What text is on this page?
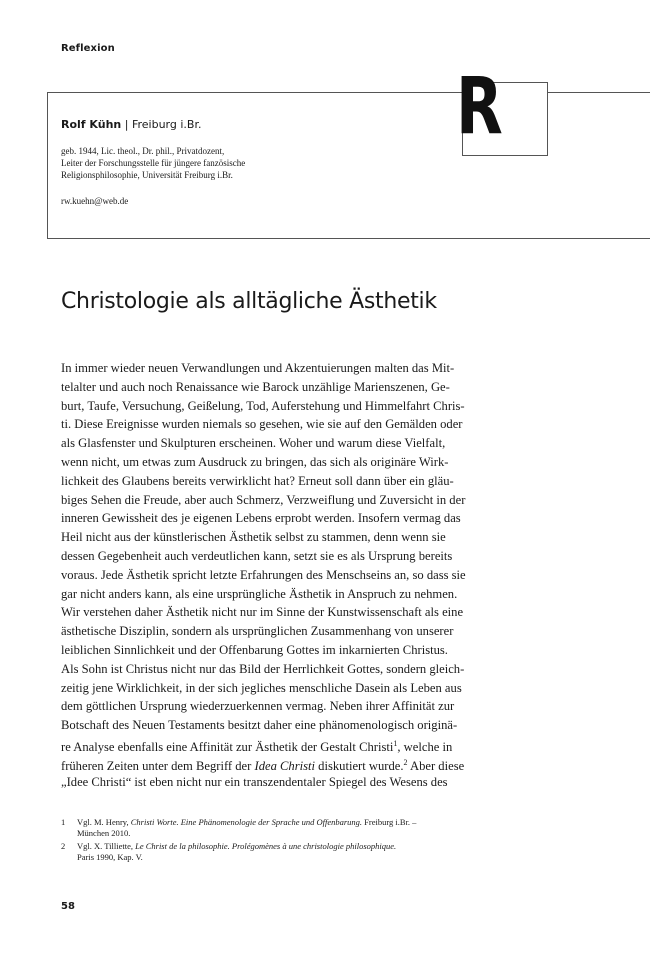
Reflexion
R
Rolf Kühn | Freiburg i.Br.
geb. 1944, Lic. theol., Dr. phil., Privatdozent,
Leiter der Forschungsstelle für jüngere fanzösische
Religionsphilosophie, Universität Freiburg i.Br.
rw.kuehn@web.de
Christologie als alltägliche Ästhetik
In immer wieder neuen Verwandlungen und Akzentuierungen malten das Mit-
telalter und auch noch Renaissance wie Barock unzählige Marienszenen, Ge-
burt, Taufe, Versuchung, Geißelung, Tod, Auferstehung und Himmelfahrt Chris-
ti. Diese Ereignisse wurden niemals so gesehen, wie sie auf den Gemälden oder
als Glasfenster und Skulpturen erscheinen. Woher und warum diese Vielfalt,
wenn nicht, um etwas zum Ausdruck zu bringen, das sich als originäre Wirk-
lichkeit des Glaubens bereits verwirklicht hat? Erneut soll dann über ein gläu-
biges Sehen die Freude, aber auch Schmerz, Verzweiflung und Zuversicht in der
inneren Gewissheit des je eigenen Lebens erprobt werden. Insofern vermag das
Heil nicht aus der künstlerischen Ästhetik selbst zu stammen, denn wenn sie
dessen Gegebenheit auch verdeutlichen kann, setzt sie es als Ursprung bereits
voraus. Jede Ästhetik spricht letzte Erfahrungen des Menschseins an, so dass sie
gar nicht anders kann, als eine ursprüngliche Ästhetik in Anspruch zu nehmen.
Wir verstehen daher Ästhetik nicht nur im Sinne der Kunstwissenschaft als eine
ästhetische Disziplin, sondern als ursprünglichen Zusammenhang von unserer
leiblichen Sinnlichkeit und der Offenbarung Gottes im inkarnierten Christus.
Als Sohn ist Christus nicht nur das Bild der Herrlichkeit Gottes, sondern gleich-
zeitig jene Wirklichkeit, in der sich jegliches menschliche Dasein als Leben aus
dem göttlichen Ursprung wiederzuerkennen vermag. Neben ihrer Affinität zur
Botschaft des Neuen Testaments besitzt daher eine phänomenologisch originä-
re Analyse ebenfalls eine Affinität zur Ästhetik der Gestalt Christi$^1$, welche in
früheren Zeiten unter dem Begriff der Idea Christi diskutiert wurde.$^2$ Aber diese
„Idee Christi“ ist eben nicht nur ein transzendentaler Spiegel des Wesens des
1 Vgl. M. Henry, Christi Worte. Eine Phänomenologie der Sprache und Offenbarung. Freiburg i.Br. –
München 2010.
2 Vgl. X. Tilliette, Le Christ de la philosophie. Prolégomènes à une christologie philosophique.
Paris 1990, Kap. V.
58
